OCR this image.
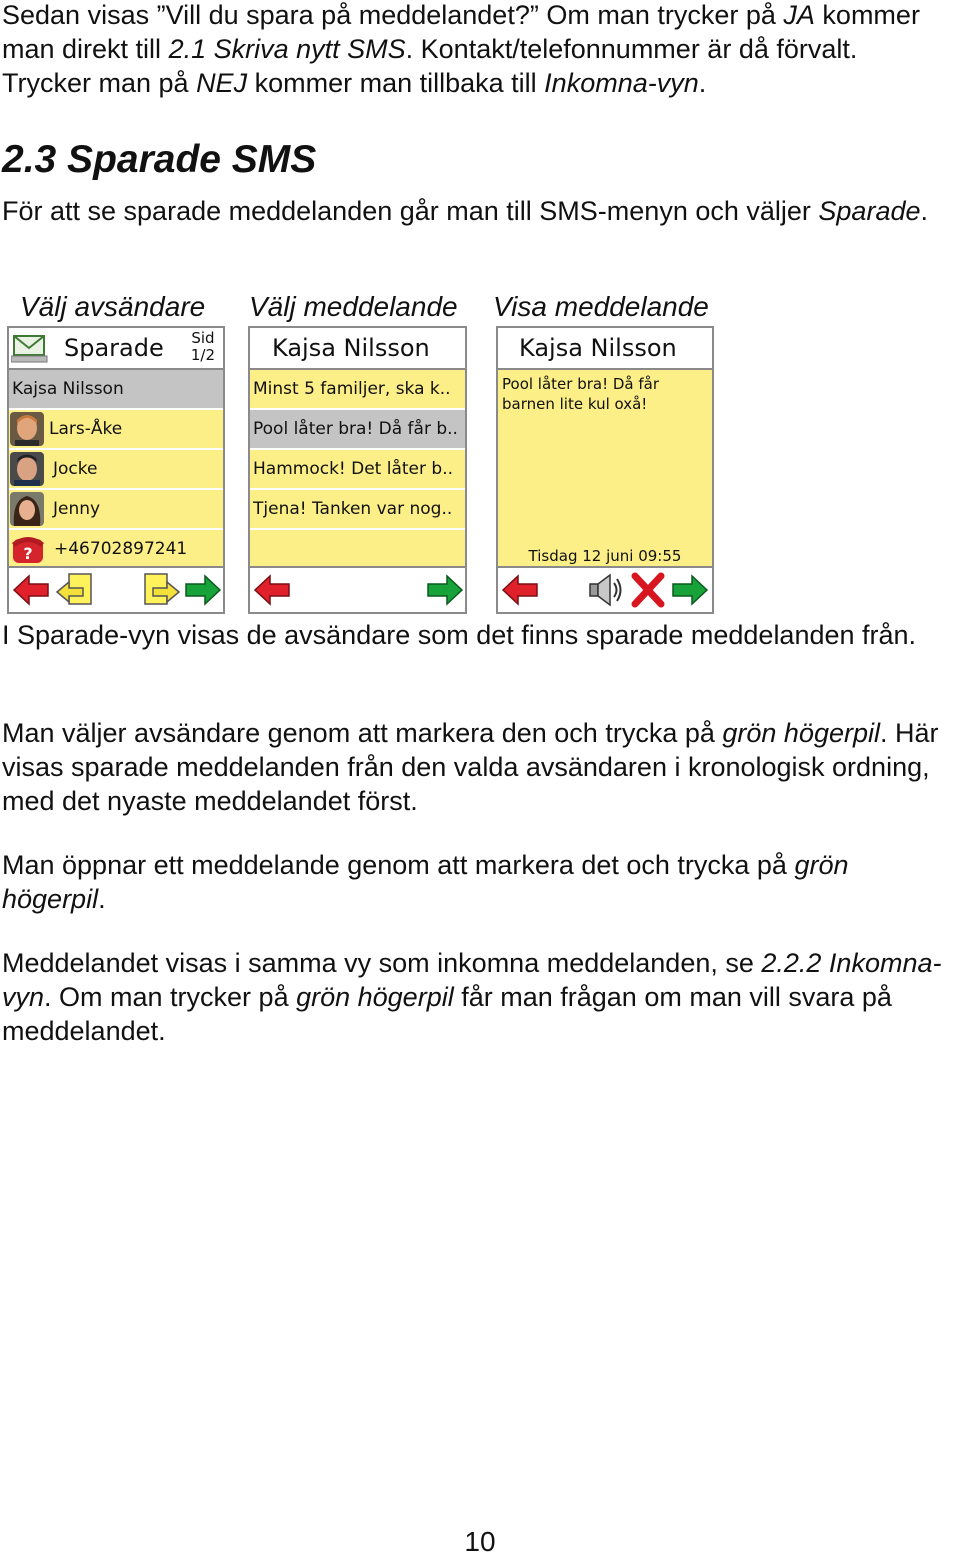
Sedan visas ”Vill du spara på meddelandet?” Om man trycker på JA kommer man direkt till 2.1 Skriva nytt SMS. Kontakt/telefonnummer är då förvalt. Trycker man på NEJ kommer man tillbaka till Inkomna-vyn.

2.3 Sparade SMS

För att se sparade meddelanden går man till SMS-menyn och väljer Sparade.

Välj avsändare Välj meddelande Visa meddelande
Sparade Sid
1/2
Kajsa Nilsson
Lars-Åke
Jocke
Jenny
? +46702897241
Kajsa Nilsson
Minst 5 familjer, ska k..
Pool låter bra! Då får b..
Hammock! Det låter b..
Tjena! Tanken var nog..
Kajsa Nilsson
Pool låter bra! Då får barnen lite kul oxå!
Tisdag 12 juni 09:55

I Sparade-vyn visas de avsändare som det finns sparade meddelanden från.

Man väljer avsändare genom att markera den och trycka på grön högerpil. Här visas sparade meddelanden från den valda avsändaren i kronologisk ordning, med det nyaste meddelandet först.

Man öppnar ett meddelande genom att markera det och trycka på grön högerpil.

Meddelandet visas i samma vy som inkomna meddelanden, se 2.2.2 Inkomna-vyn. Om man trycker på grön högerpil får man frågan om man vill svara på meddelandet.

10
